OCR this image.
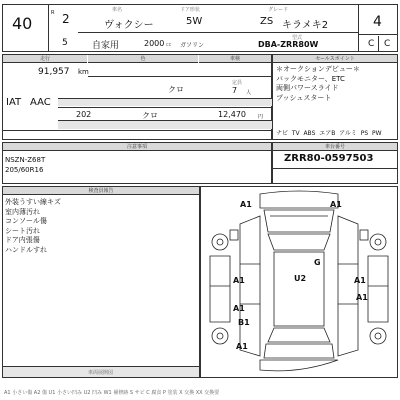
40
R 2
5
車名	ドア形状	グレード
ヴォクシー	5W	ZS キラメキ2	4
自家用	2000 cc ガソリン
型式
DBA-ZRR80W	C C
走行	色	車検
91,957 km
クロ
定員
7 人
IAT AAC
202	クロ	12,470 円
セールスポイント
＊オークションデビュー＊
バックモニター、ETC
両側パワースライド
プッシュスタート
ナビ TV ABS エアB アルミ PS PW
注意事項
NSZN-Z68T
205/60R16
車台番号
ZRR80-0597503
検査員報告
外装うすい線キズ
室内薄汚れ
コンソール傷
シート汚れ
ドア内張傷
ハンドルすれ
車両展開図
A1	A1
G
U2
A1
A1
B1
A1
A1
A1
A1 小さい傷 A2 傷 U1 小さい凹み U2 凹み W1 補修跡 S サビ C 腐食 P 塗装 X 交換 XX 交換要
